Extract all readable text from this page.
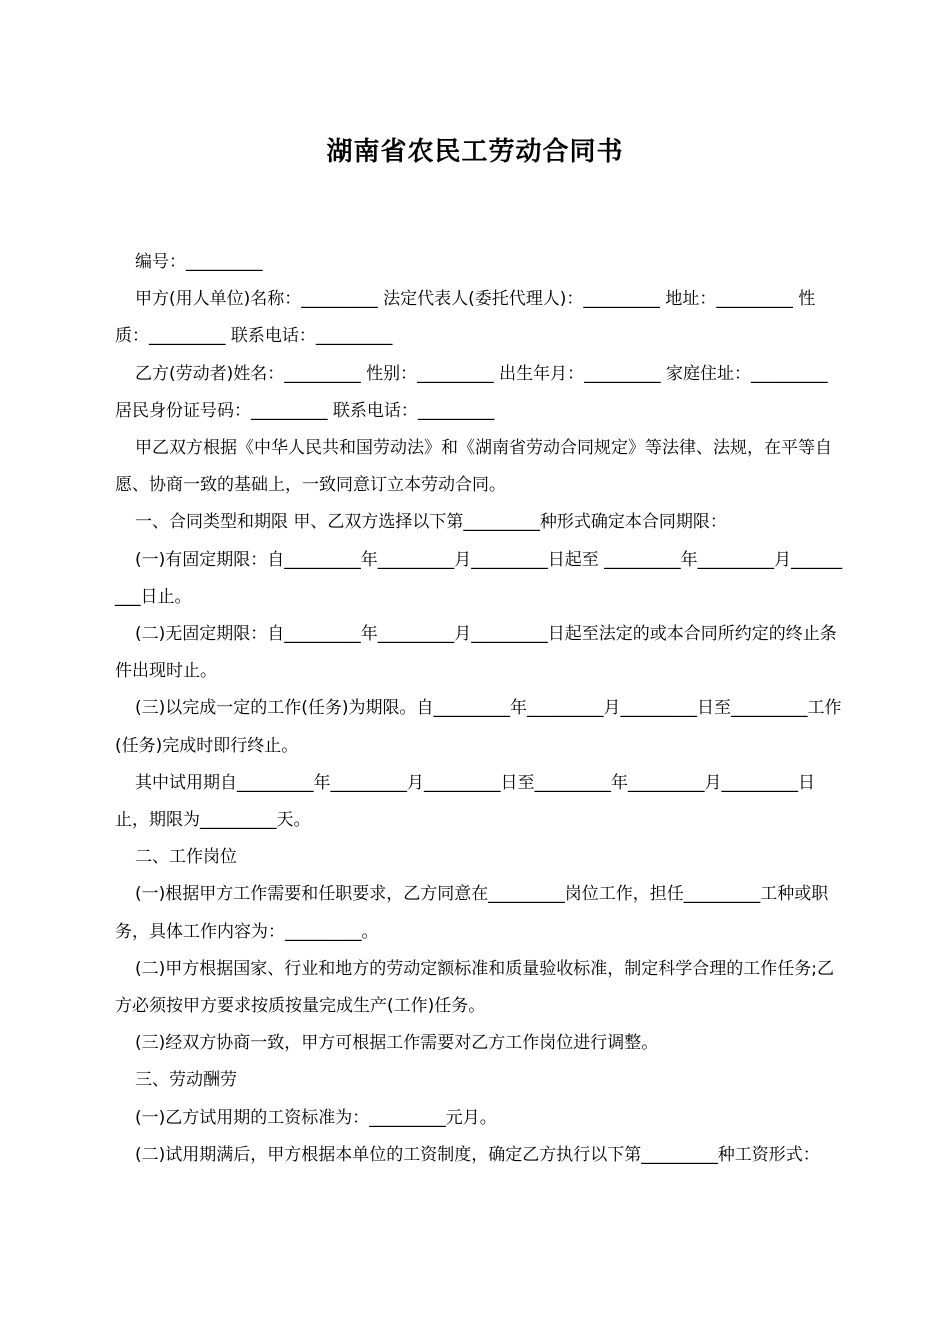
湖南省农民工劳动合同书

编号：_________

甲方(用人单位)名称：_________ 法定代表人(委托代理人)：_________ 地址：_________ 性质：_________ 联系电话：_________

乙方(劳动者)姓名：_________ 性别：_________ 出生年月：_________ 家庭住址：_________ 居民身份证号码：_________ 联系电话：_________

甲乙双方根据《中华人民共和国劳动法》和《湖南省劳动合同规定》等法律、法规，在平等自愿、协商一致的基础上，一致同意订立本劳动合同。

一、合同类型和期限 甲、乙双方选择以下第_________种形式确定本合同期限：

(一)有固定期限：自_________年_________月_________日起至 _________年_________月_________日止。

(二)无固定期限：自_________年_________月_________日起至法定的或本合同所约定的终止条件出现时止。

(三)以完成一定的工作(任务)为期限。自_________年_________月_________日至_________工作(任务)完成时即行终止。

其中试用期自_________年_________月_________日至_________年_________月_________日止，期限为_________天。

二、工作岗位

(一)根据甲方工作需要和任职要求，乙方同意在_________岗位工作，担任_________工种或职务，具体工作内容为：_________。

(二)甲方根据国家、行业和地方的劳动定额标准和质量验收标准，制定科学合理的工作任务;乙方必须按甲方要求按质按量完成生产(工作)任务。

(三)经双方协商一致，甲方可根据工作需要对乙方工作岗位进行调整。

三、劳动酬劳

(一)乙方试用期的工资标准为：_________元月。

(二)试用期满后，甲方根据本单位的工资制度，确定乙方执行以下第_________种工资形式：
